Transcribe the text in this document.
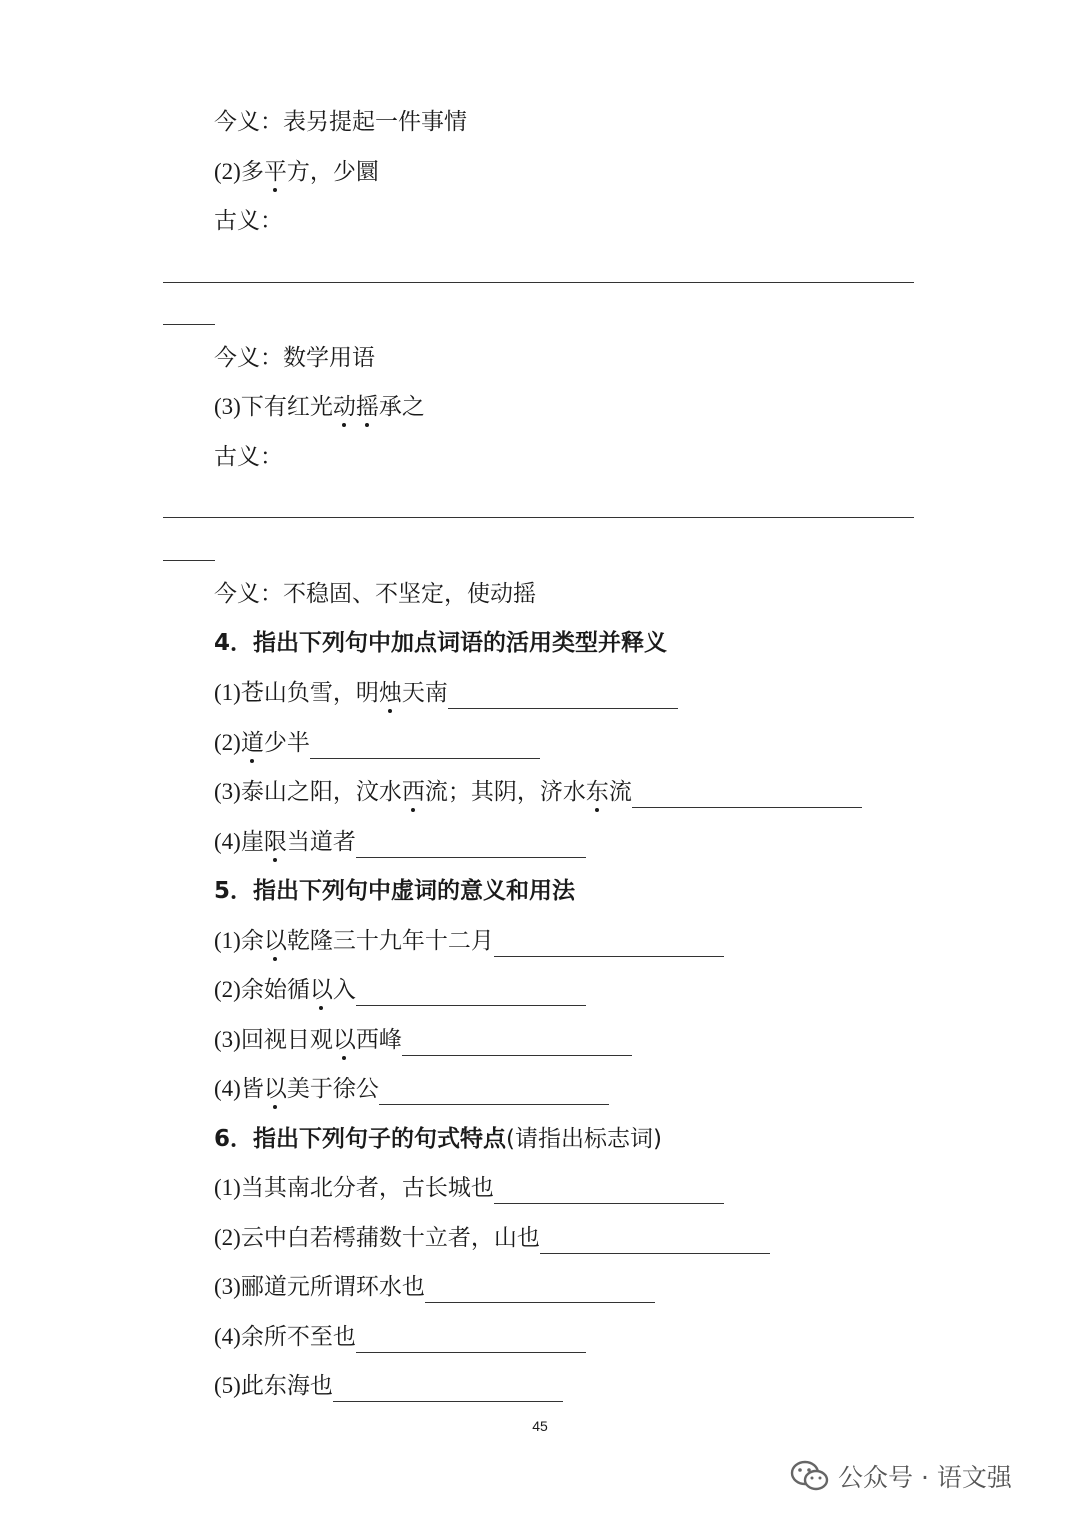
今义：表另提起一件事情
(2)多平方，少圜
古义：
今义：数学用语
(3)下有红光动摇承之
古义：
今义：不稳固、不坚定，使动摇
4．指出下列句中加点词语的活用类型并释义
(1)苍山负雪，明烛天南
(2)道少半
(3)泰山之阳，汶水西流；其阴，济水东流
(4)崖限当道者
5．指出下列句中虚词的意义和用法
(1)余以乾隆三十九年十二月
(2)余始循以入
(3)回视日观以西峰
(4)皆以美于徐公
6．指出下列句子的句式特点(请指出标志词)
(1)当其南北分者，古长城也
(2)云中白若樗蒱数十立者，山也
(3)郦道元所谓环水也
(4)余所不至也
(5)此东海也
45
公众号 · 语文强
